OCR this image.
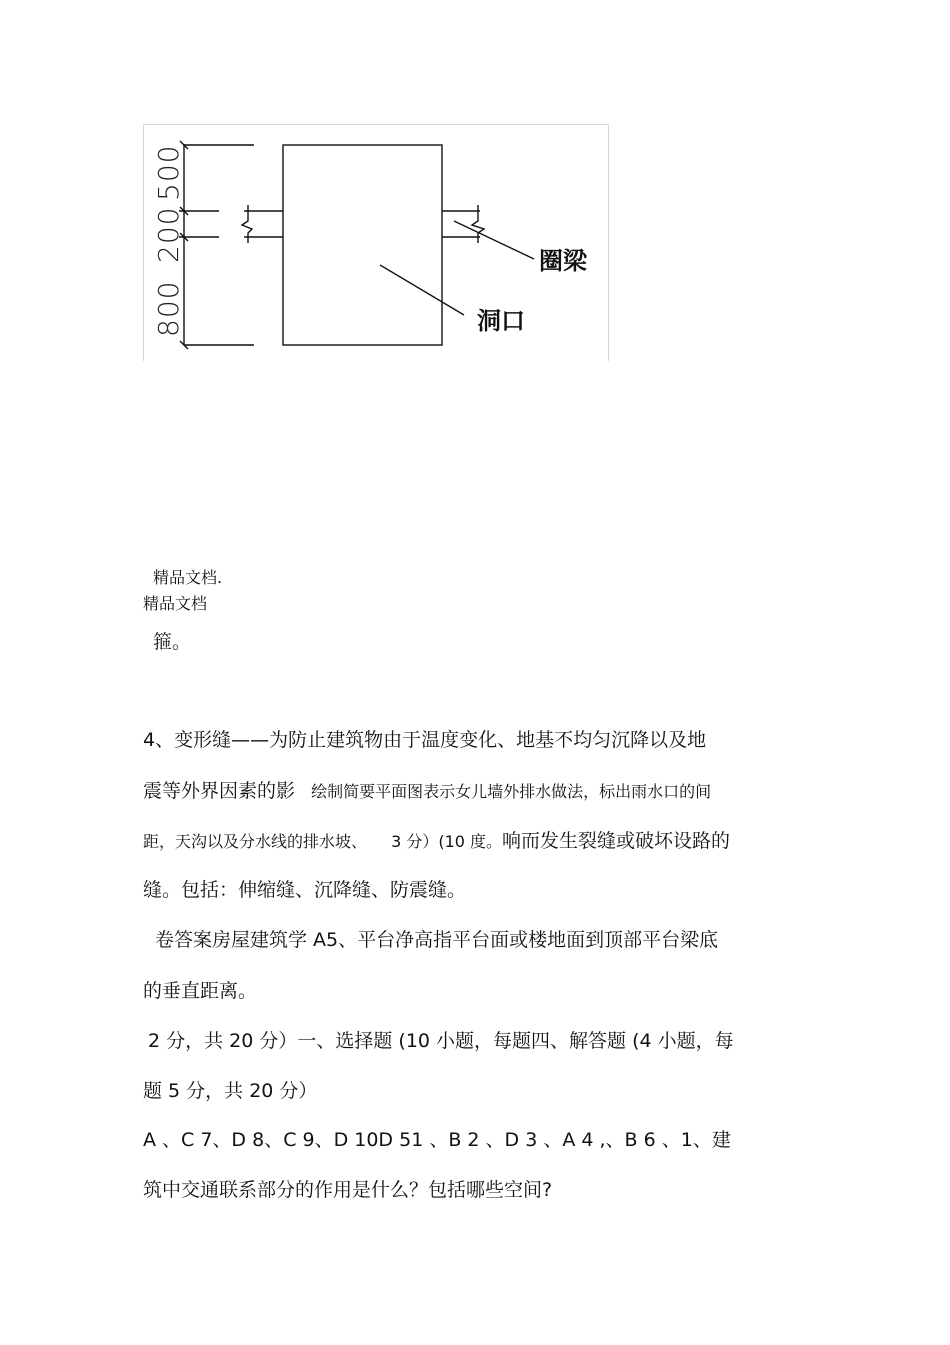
500
200
800
圈梁
洞口
精品文档.
精品文档
箍。
4、变形缝——为防止建筑物由于温度变化、地基不均匀沉降以及地
震等外界因素的影 绘制简要平面图表示女儿墙外排水做法，标出雨水口的间
距，天沟以及分水线的排水坡、 3 分）(10 度。响而发生裂缝或破坏设路的
缝。包括：伸缩缝、沉降缝、防震缝。
卷答案房屋建筑学 A5、平台净高指平台面或楼地面到顶部平台梁底
的垂直距离。
2 分，共 20 分）一、选择题 (10 小题，每题四、解答题 (4 小题，每
题 5 分，共 20 分）
A 、C 7、D 8、C 9、D 10D 51 、B 2 、D 3 、A 4 ,、B 6 、1、建
筑中交通联系部分的作用是什么？包括哪些空间?
